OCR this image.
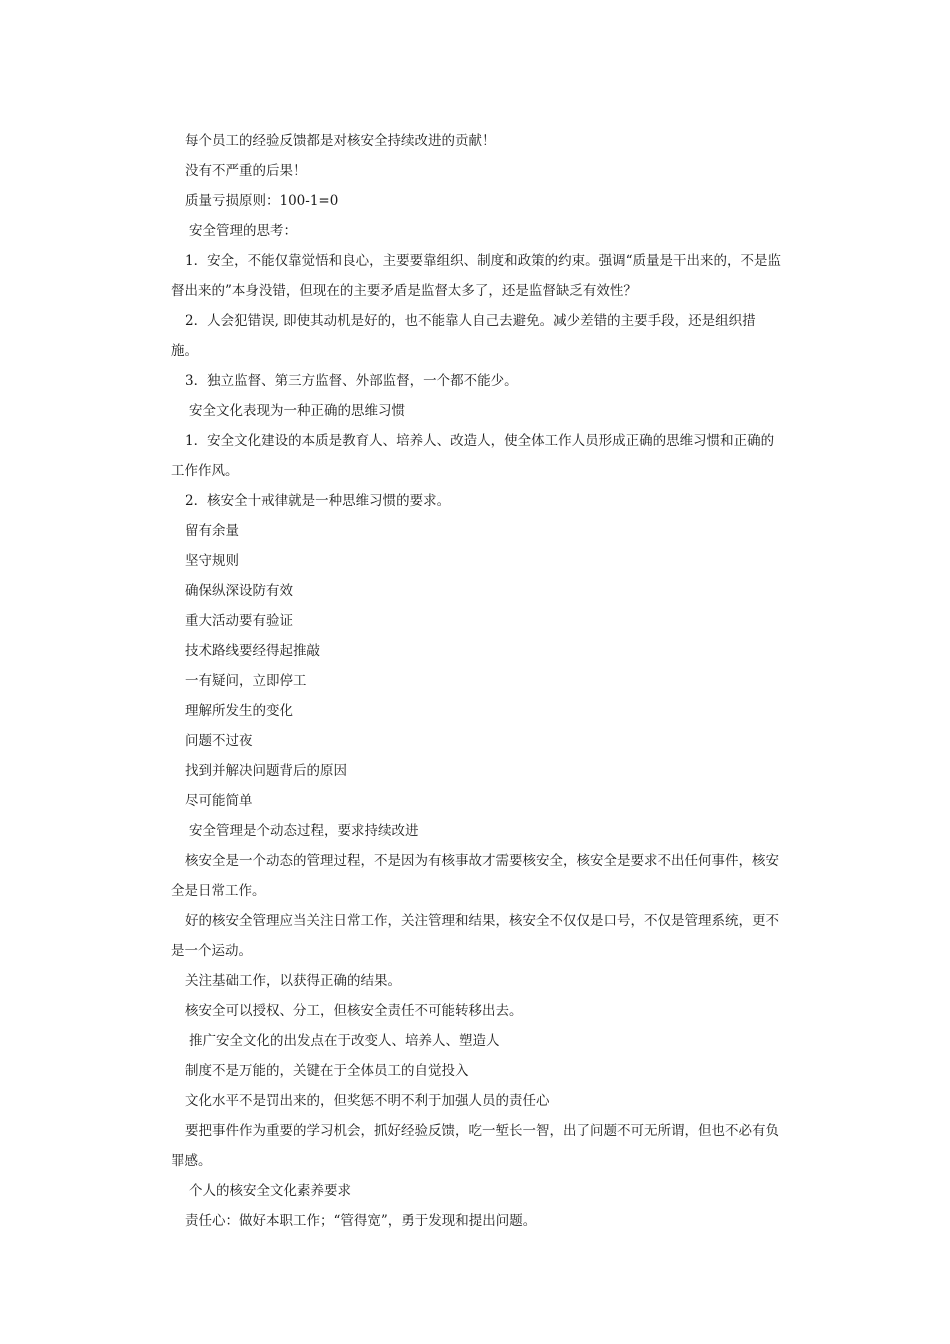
每个员工的经验反馈都是对核安全持续改进的贡献！

没有不严重的后果！

质量亏损原则：100-1=0

安全管理的思考：

1．安全，不能仅靠觉悟和良心，主要要靠组织、制度和政策的约束。强调“质量是干出来的，不是监督出来的”本身没错，但现在的主要矛盾是监督太多了，还是监督缺乏有效性？

2．人会犯错误, 即使其动机是好的，也不能靠人自己去避免。减少差错的主要手段，还是组织措施。

3．独立监督、第三方监督、外部监督，一个都不能少。

安全文化表现为一种正确的思维习惯

1．安全文化建设的本质是教育人、培养人、改造人，使全体工作人员形成正确的思维习惯和正确的工作作风。

2．核安全十戒律就是一种思维习惯的要求。

留有余量

坚守规则

确保纵深设防有效

重大活动要有验证

技术路线要经得起推敲

一有疑问，立即停工

理解所发生的变化

问题不过夜

找到并解决问题背后的原因

尽可能简单

安全管理是个动态过程，要求持续改进

核安全是一个动态的管理过程，不是因为有核事故才需要核安全，核安全是要求不出任何事件，核安全是日常工作。

好的核安全管理应当关注日常工作，关注管理和结果，核安全不仅仅是口号，不仅是管理系统，更不是一个运动。

关注基础工作，以获得正确的结果。

核安全可以授权、分工，但核安全责任不可能转移出去。

推广安全文化的出发点在于改变人、培养人、塑造人

制度不是万能的，关键在于全体员工的自觉投入

文化水平不是罚出来的，但奖惩不明不利于加强人员的责任心

要把事件作为重要的学习机会，抓好经验反馈，吃一堑长一智，出了问题不可无所谓，但也不必有负罪感。

个人的核安全文化素养要求

责任心：做好本职工作；“管得宽”，勇于发现和提出问题。
